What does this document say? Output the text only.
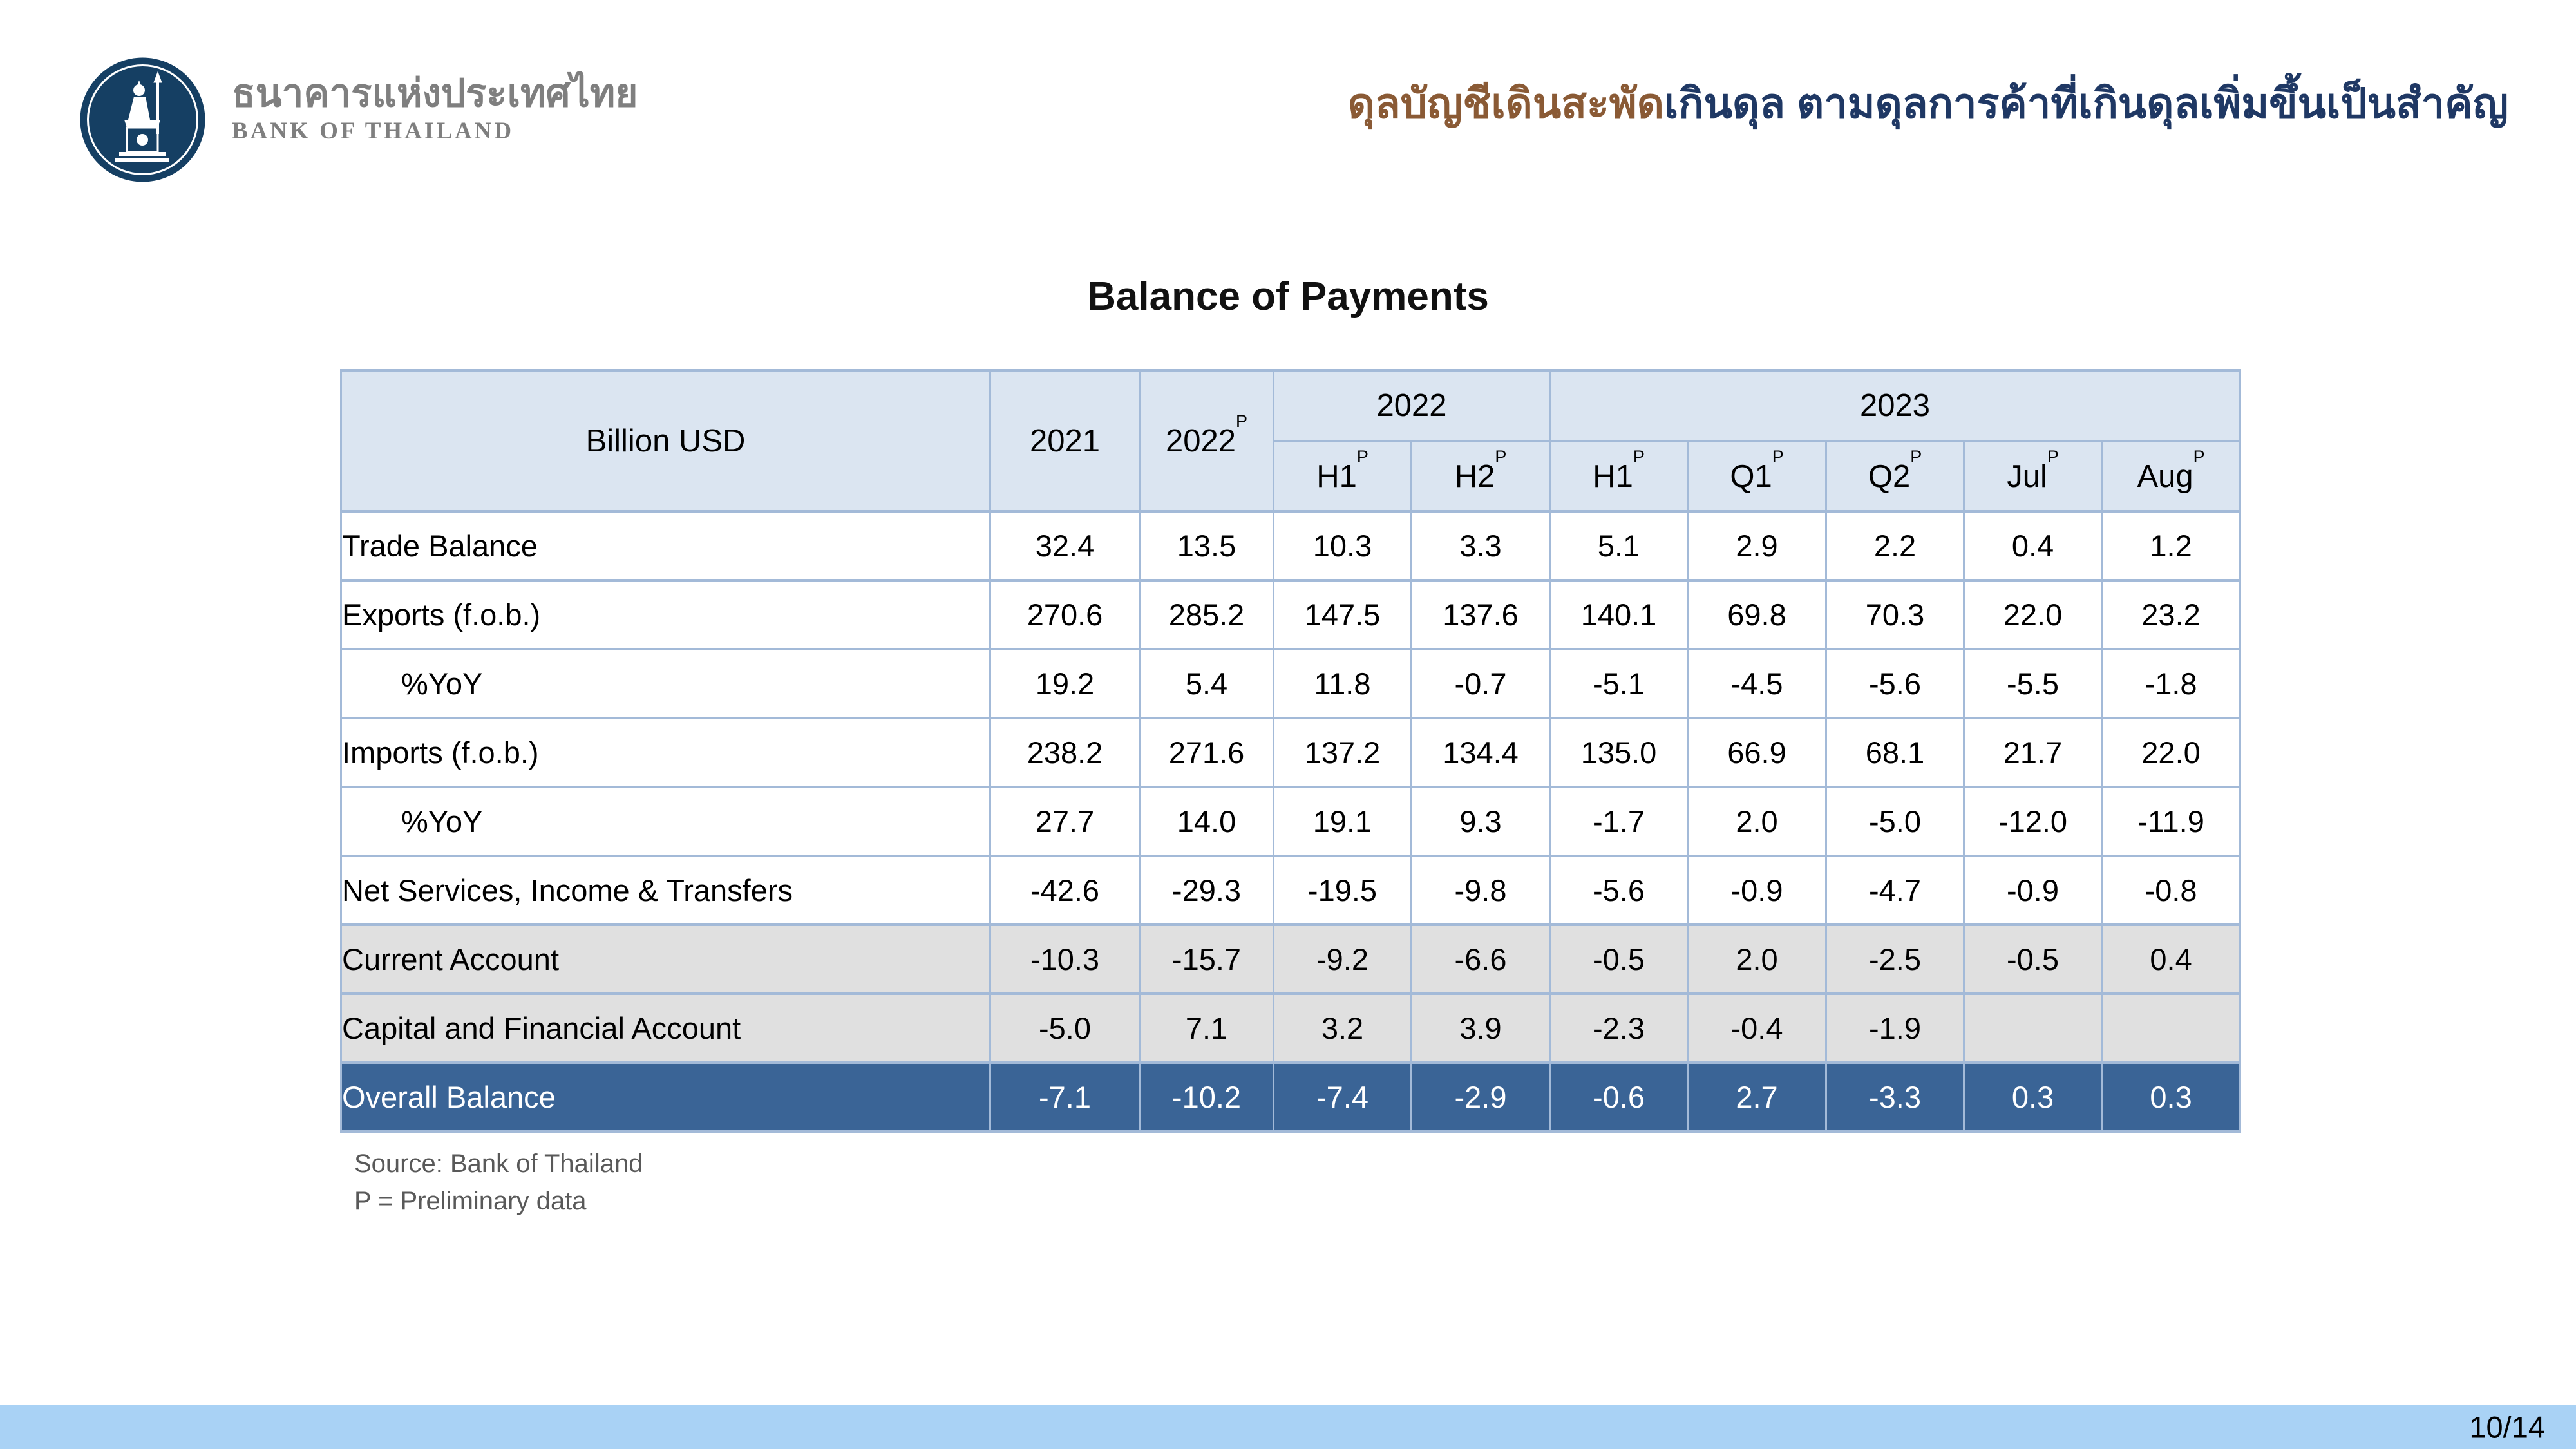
ธนาคารแห่งประเทศไทย
BANK OF THAILAND
ดุลบัญชีเดินสะพัดเกินดุล ตามดุลการค้าที่เกินดุลเพิ่มขึ้นเป็นสำคัญ
Balance of Payments
Billion USD	2021	$2022^P$	2022		2023				
			$H1^P$	$H2^P$	$H1^P$	$Q1^P$	$Q2^P$	Jul$^P$	Aug$^P$
Trade Balance	32.4	13.5	10.3	3.3	5.1	2.9	2.2	0.4	1.2
Exports (f.o.b.)	270.6	285.2	147.5	137.6	140.1	69.8	70.3	22.0	23.2
%YoY	19.2	5.4	11.8	-0.7	-5.1	-4.5	-5.6	-5.5	-1.8
Imports (f.o.b.)	238.2	271.6	137.2	134.4	135.0	66.9	68.1	21.7	22.0
%YoY	27.7	14.0	19.1	9.3	-1.7	2.0	-5.0	-12.0	-11.9
Net Services, Income & Transfers	-42.6	-29.3	-19.5	-9.8	-5.6	-0.9	-4.7	-0.9	-0.8
Current Account	-10.3	-15.7	-9.2	-6.6	-0.5	2.0	-2.5	-0.5	0.4
Capital and Financial Account	-5.0	7.1	3.2	3.9	-2.3	-0.4	-1.9		
Overall Balance	-7.1	-10.2	-7.4	-2.9	-0.6	2.7	-3.3	0.3	0.3
Source: Bank of Thailand
P = Preliminary data
10/14
